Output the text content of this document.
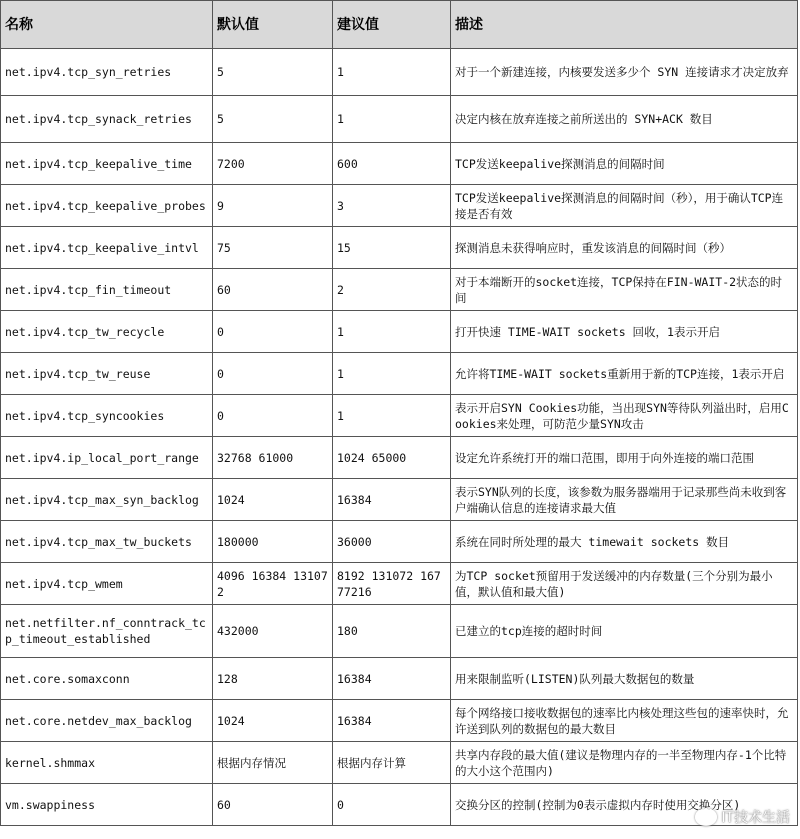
名称	默认值	建议值	描述
net.ipv4.tcp_syn_retries	5	1	对于一个新建连接，内核要发送多少个 SYN 连接请求才决定放弃
net.ipv4.tcp_synack_retries	5	1	决定内核在放弃连接之前所送出的 SYN+ACK 数目
net.ipv4.tcp_keepalive_time	7200	600	TCP发送keepalive探测消息的间隔时间
net.ipv4.tcp_keepalive_probes	9	3	TCP发送keepalive探测消息的间隔时间（秒），用于确认TCP连接是否有效
net.ipv4.tcp_keepalive_intvl	75	15	探测消息未获得响应时，重发该消息的间隔时间（秒）
net.ipv4.tcp_fin_timeout	60	2	对于本端断开的socket连接，TCP保持在FIN-WAIT-2状态的时间
net.ipv4.tcp_tw_recycle	0	1	打开快速 TIME-WAIT sockets 回收，1表示开启
net.ipv4.tcp_tw_reuse	0	1	允许将TIME-WAIT sockets重新用于新的TCP连接，1表示开启
net.ipv4.tcp_syncookies	0	1	表示开启SYN Cookies功能，当出现SYN等待队列溢出时，启用Cookies来处理，可防范少量SYN攻击
net.ipv4.ip_local_port_range	32768 61000	1024 65000	设定允许系统打开的端口范围，即用于向外连接的端口范围
net.ipv4.tcp_max_syn_backlog	1024	16384	表示SYN队列的长度，该参数为服务器端用于记录那些尚未收到客户端确认信息的连接请求最大值
net.ipv4.tcp_max_tw_buckets	180000	36000	系统在同时所处理的最大 timewait sockets 数目
net.ipv4.tcp_wmem	4096 16384 131072	8192 131072 16777216	为TCP socket预留用于发送缓冲的内存数量(三个分别为最小值，默认值和最大值)
net.netfilter.nf_conntrack_tcp_timeout_established	432000	180	已建立的tcp连接的超时时间
net.core.somaxconn	128	16384	用来限制监听(LISTEN)队列最大数据包的数量
net.core.netdev_max_backlog	1024	16384	每个网络接口接收数据包的速率比内核处理这些包的速率快时，允许送到队列的数据包的最大数目
kernel.shmmax	根据内存情况	根据内存计算	共享内存段的最大值(建议是物理内存的一半至物理内存-1个比特的大小这个范围内)
vm.swappiness	60	0	交换分区的控制(控制为0表示虚拟内存时使用交换分区)
IT技术生活
